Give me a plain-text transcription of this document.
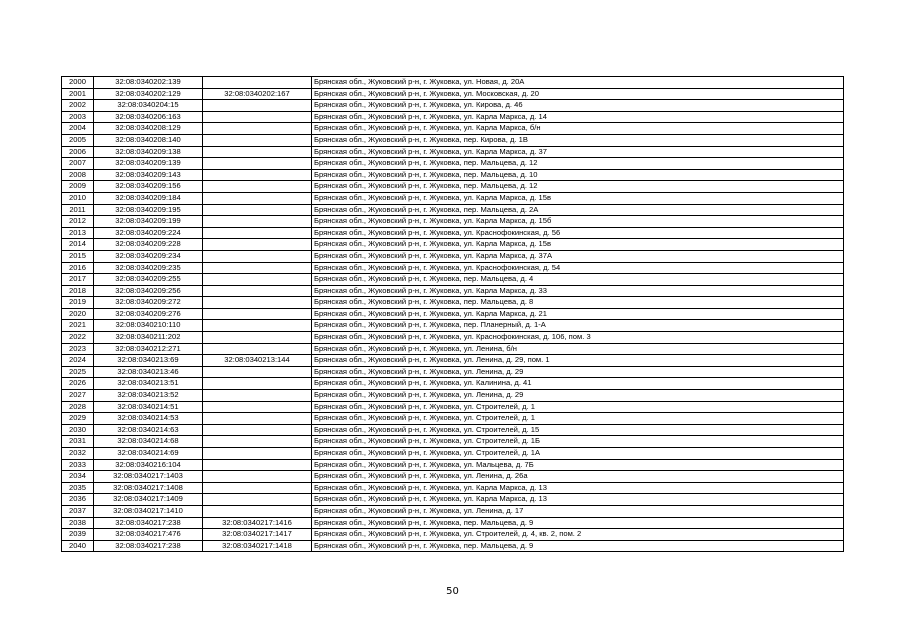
2000	32:08:0340202:139		Брянская обл., Жуковский р-н, г. Жуковка, ул. Новая, д. 20А
2001	32:08:0340202:129	32:08:0340202:167	Брянская обл., Жуковский р-н, г. Жуковка, ул. Московская, д. 20
2002	32:08:0340204:15		Брянская обл., Жуковский р-н, г. Жуковка, ул. Кирова, д. 46
2003	32:08:0340206:163		Брянская обл., Жуковский р-н, г. Жуковка, ул. Карла Маркса, д. 14
2004	32:08:0340208:129		Брянская обл., Жуковский р-н, г. Жуковка, ул. Карла Маркса, б/н
2005	32:08:0340208:140		Брянская обл., Жуковский р-н, г. Жуковка, пер. Кирова, д. 1В
2006	32:08:0340209:138		Брянская обл., Жуковский р-н, г. Жуковка, ул. Карла Маркса, д. 37
2007	32:08:0340209:139		Брянская обл., Жуковский р-н, г. Жуковка, пер. Мальцева, д. 12
2008	32:08:0340209:143		Брянская обл., Жуковский р-н, г. Жуковка, пер. Мальцева, д. 10
2009	32:08:0340209:156		Брянская обл., Жуковский р-н, г. Жуковка, пер. Мальцева, д. 12
2010	32:08:0340209:184		Брянская обл., Жуковский р-н, г. Жуковка, ул. Карла Маркса, д. 15в
2011	32:08:0340209:195		Брянская обл., Жуковский р-н, г. Жуковка, пер. Мальцева, д. 2А
2012	32:08:0340209:199		Брянская обл., Жуковский р-н, г. Жуковка, ул. Карла Маркса, д. 15б
2013	32:08:0340209:224		Брянская обл., Жуковский р-н, г. Жуковка, ул. Краснофокинская, д. 56
2014	32:08:0340209:228		Брянская обл., Жуковский р-н, г. Жуковка, ул. Карла Маркса, д. 15в
2015	32:08:0340209:234		Брянская обл., Жуковский р-н, г. Жуковка, ул. Карла Маркса, д. 37А
2016	32:08:0340209:235		Брянская обл., Жуковский р-н, г. Жуковка, ул. Краснофокинская, д. 54
2017	32:08:0340209:255		Брянская обл., Жуковский р-н, г. Жуковка, пер. Мальцева, д. 4
2018	32:08:0340209:256		Брянская обл., Жуковский р-н, г. Жуковка, ул. Карла Маркса, д. 33
2019	32:08:0340209:272		Брянская обл., Жуковский р-н, г. Жуковка, пер. Мальцева, д. 8
2020	32:08:0340209:276		Брянская обл., Жуковский р-н, г. Жуковка, ул. Карла Маркса, д. 21
2021	32:08:0340210:110		Брянская обл., Жуковский р-н, г. Жуковка, пер. Планерный, д. 1-А
2022	32:08:0340211:202		Брянская обл., Жуковский р-н, г. Жуковка, ул. Краснофокинская, д. 106, пом. 3
2023	32:08:0340212:271		Брянская обл., Жуковский р-н, г. Жуковка, ул. Ленина, б/н
2024	32:08:0340213:69	32:08:0340213:144	Брянская обл., Жуковский р-н, г. Жуковка, ул. Ленина, д. 29, пом. 1
2025	32:08:0340213:46		Брянская обл., Жуковский р-н, г. Жуковка, ул. Ленина, д. 29
2026	32:08:0340213:51		Брянская обл., Жуковский р-н, г. Жуковка, ул. Калинина, д. 41
2027	32:08:0340213:52		Брянская обл., Жуковский р-н, г. Жуковка, ул. Ленина, д. 29
2028	32:08:0340214:51		Брянская обл., Жуковский р-н, г. Жуковка, ул. Строителей, д. 1
2029	32:08:0340214:53		Брянская обл., Жуковский р-н, г. Жуковка, ул. Строителей, д. 1
2030	32:08:0340214:63		Брянская обл., Жуковский р-н, г. Жуковка, ул. Строителей, д. 15
2031	32:08:0340214:68		Брянская обл., Жуковский р-н, г. Жуковка, ул. Строителей, д. 1Б
2032	32:08:0340214:69		Брянская обл., Жуковский р-н, г. Жуковка, ул. Строителей, д. 1А
2033	32:08:0340216:104		Брянская обл., Жуковский р-н, г. Жуковка, ул. Мальцева, д. 7Б
2034	32:08:0340217:1403		Брянская обл., Жуковский р-н, г. Жуковка, ул. Ленина, д. 26а
2035	32:08:0340217:1408		Брянская обл., Жуковский р-н, г. Жуковка, ул. Карла Маркса, д. 13
2036	32:08:0340217:1409		Брянская обл., Жуковский р-н, г. Жуковка, ул. Карла Маркса, д. 13
2037	32:08:0340217:1410		Брянская обл., Жуковский р-н, г. Жуковка, ул. Ленина, д. 17
2038	32:08:0340217:238	32:08:0340217:1416	Брянская обл., Жуковский р-н, г. Жуковка, пер. Мальцева, д. 9
2039	32:08:0340217:476	32:08:0340217:1417	Брянская обл., Жуковский р-н, г. Жуковка, ул. Строителей, д. 4, кв. 2, пом. 2
2040	32:08:0340217:238	32:08:0340217:1418	Брянская обл., Жуковский р-н, г. Жуковка, пер. Мальцева, д. 9
50
